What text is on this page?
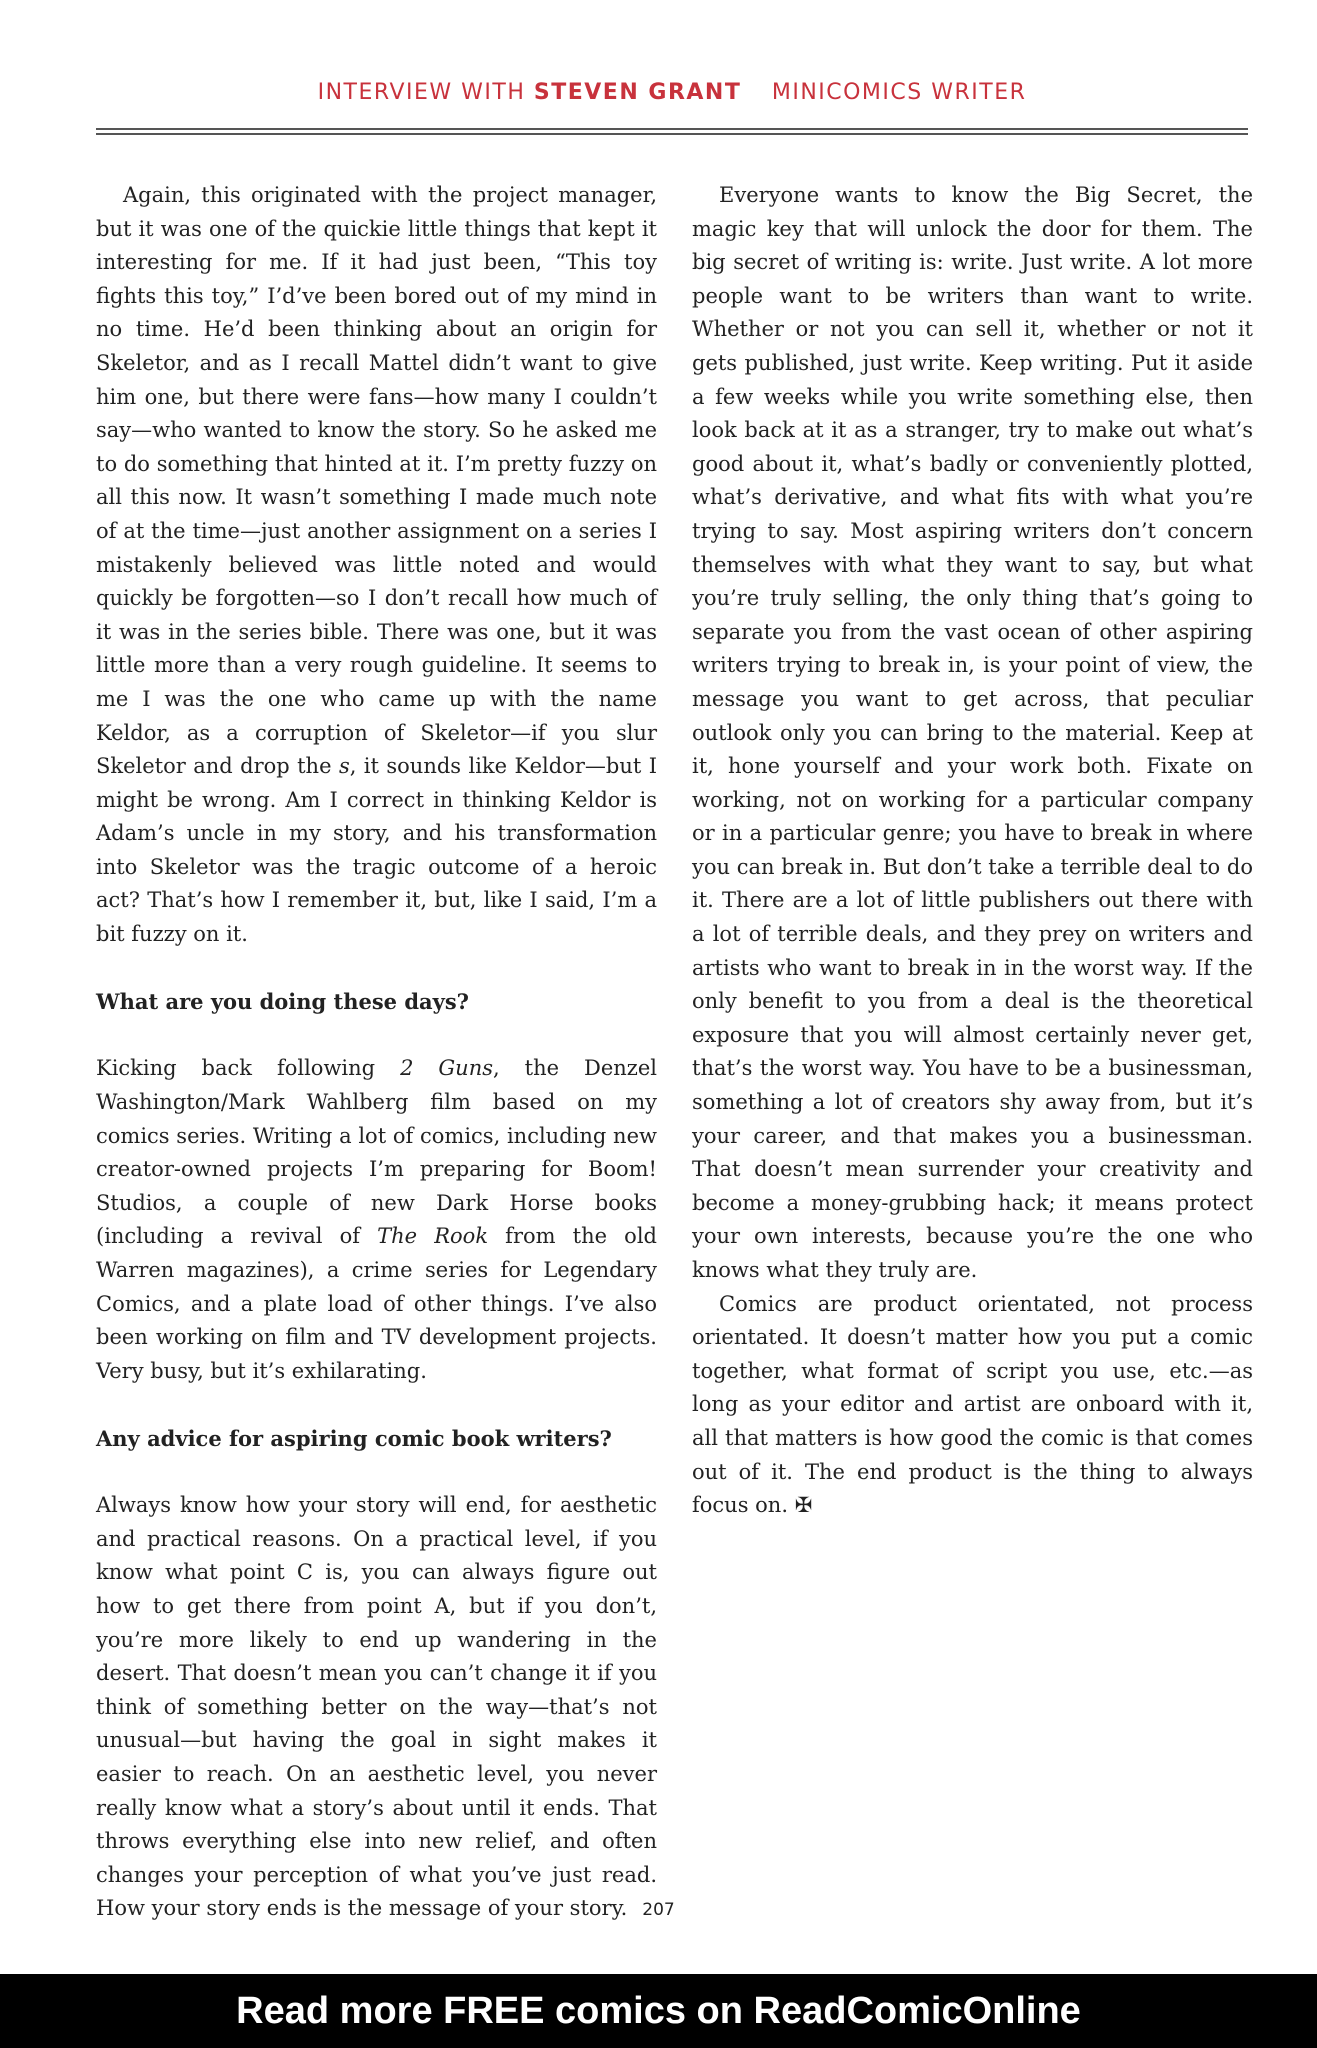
INTERVIEW WITH STEVEN GRANT MINICOMICS WRITER

Again, this originated with the project manager, but it was one of the quickie little things that kept it interesting for me. If it had just been, “This toy fights this toy,” I’d’ve been bored out of my mind in no time. He’d been thinking about an origin for Skeletor, and as I recall Mattel didn’t want to give him one, but there were fans—how many I couldn’t say—who wanted to know the story. So he asked me to do something that hinted at it. I’m pretty fuzzy on all this now. It wasn’t something I made much note of at the time—just another assignment on a series I mistakenly believed was little noted and would quickly be forgotten—so I don’t recall how much of it was in the series bible. There was one, but it was little more than a very rough guideline. It seems to me I was the one who came up with the name Keldor, as a corruption of Skeletor—if you slur Skeletor and drop the s, it sounds like Keldor—but I might be wrong. Am I correct in thinking Keldor is Adam’s uncle in my story, and his transformation into Skeletor was the tragic outcome of a heroic act? That’s how I remember it, but, like I said, I’m a bit fuzzy on it.

What are you doing these days?

Kicking back following 2 Guns, the Denzel Washington/Mark Wahlberg film based on my comics series. Writing a lot of comics, including new creator-owned projects I’m preparing for Boom! Studios, a couple of new Dark Horse books (including a revival of The Rook from the old Warren magazines), a crime series for Legendary Comics, and a plate load of other things. I’ve also been working on film and TV development projects. Very busy, but it’s exhilarating.

Any advice for aspiring comic book writers?

Always know how your story will end, for aesthetic and practical reasons. On a practical level, if you know what point C is, you can always figure out how to get there from point A, but if you don’t, you’re more likely to end up wandering in the desert. That doesn’t mean you can’t change it if you think of something better on the way—that’s not unusual—but having the goal in sight makes it easier to reach. On an aesthetic level, you never really know what a story’s about until it ends. That throws everything else into new relief, and often changes your perception of what you’ve just read. How your story ends is the message of your story.

Everyone wants to know the Big Secret, the magic key that will unlock the door for them. The big secret of writing is: write. Just write. A lot more people want to be writers than want to write. Whether or not you can sell it, whether or not it gets published, just write. Keep writing. Put it aside a few weeks while you write something else, then look back at it as a stranger, try to make out what’s good about it, what’s badly or conveniently plotted, what’s derivative, and what fits with what you’re trying to say. Most aspiring writers don’t concern themselves with what they want to say, but what you’re truly selling, the only thing that’s going to separate you from the vast ocean of other aspiring writers trying to break in, is your point of view, the message you want to get across, that peculiar outlook only you can bring to the material. Keep at it, hone yourself and your work both. Fixate on working, not on working for a particular company or in a particular genre; you have to break in where you can break in. But don’t take a terrible deal to do it. There are a lot of little publishers out there with a lot of terrible deals, and they prey on writers and artists who want to break in in the worst way. If the only benefit to you from a deal is the theoretical exposure that you will almost certainly never get, that’s the worst way. You have to be a businessman, something a lot of creators shy away from, but it’s your career, and that makes you a businessman. That doesn’t mean surrender your creativity and become a money-grubbing hack; it means protect your own interests, because you’re the one who knows what they truly are.

Comics are product orientated, not process orientated. It doesn’t matter how you put a comic together, what format of script you use, etc.—as long as your editor and artist are onboard with it, all that matters is how good the comic is that comes out of it. The end product is the thing to always focus on. ✠

207
Read more FREE comics on ReadComicOnline
